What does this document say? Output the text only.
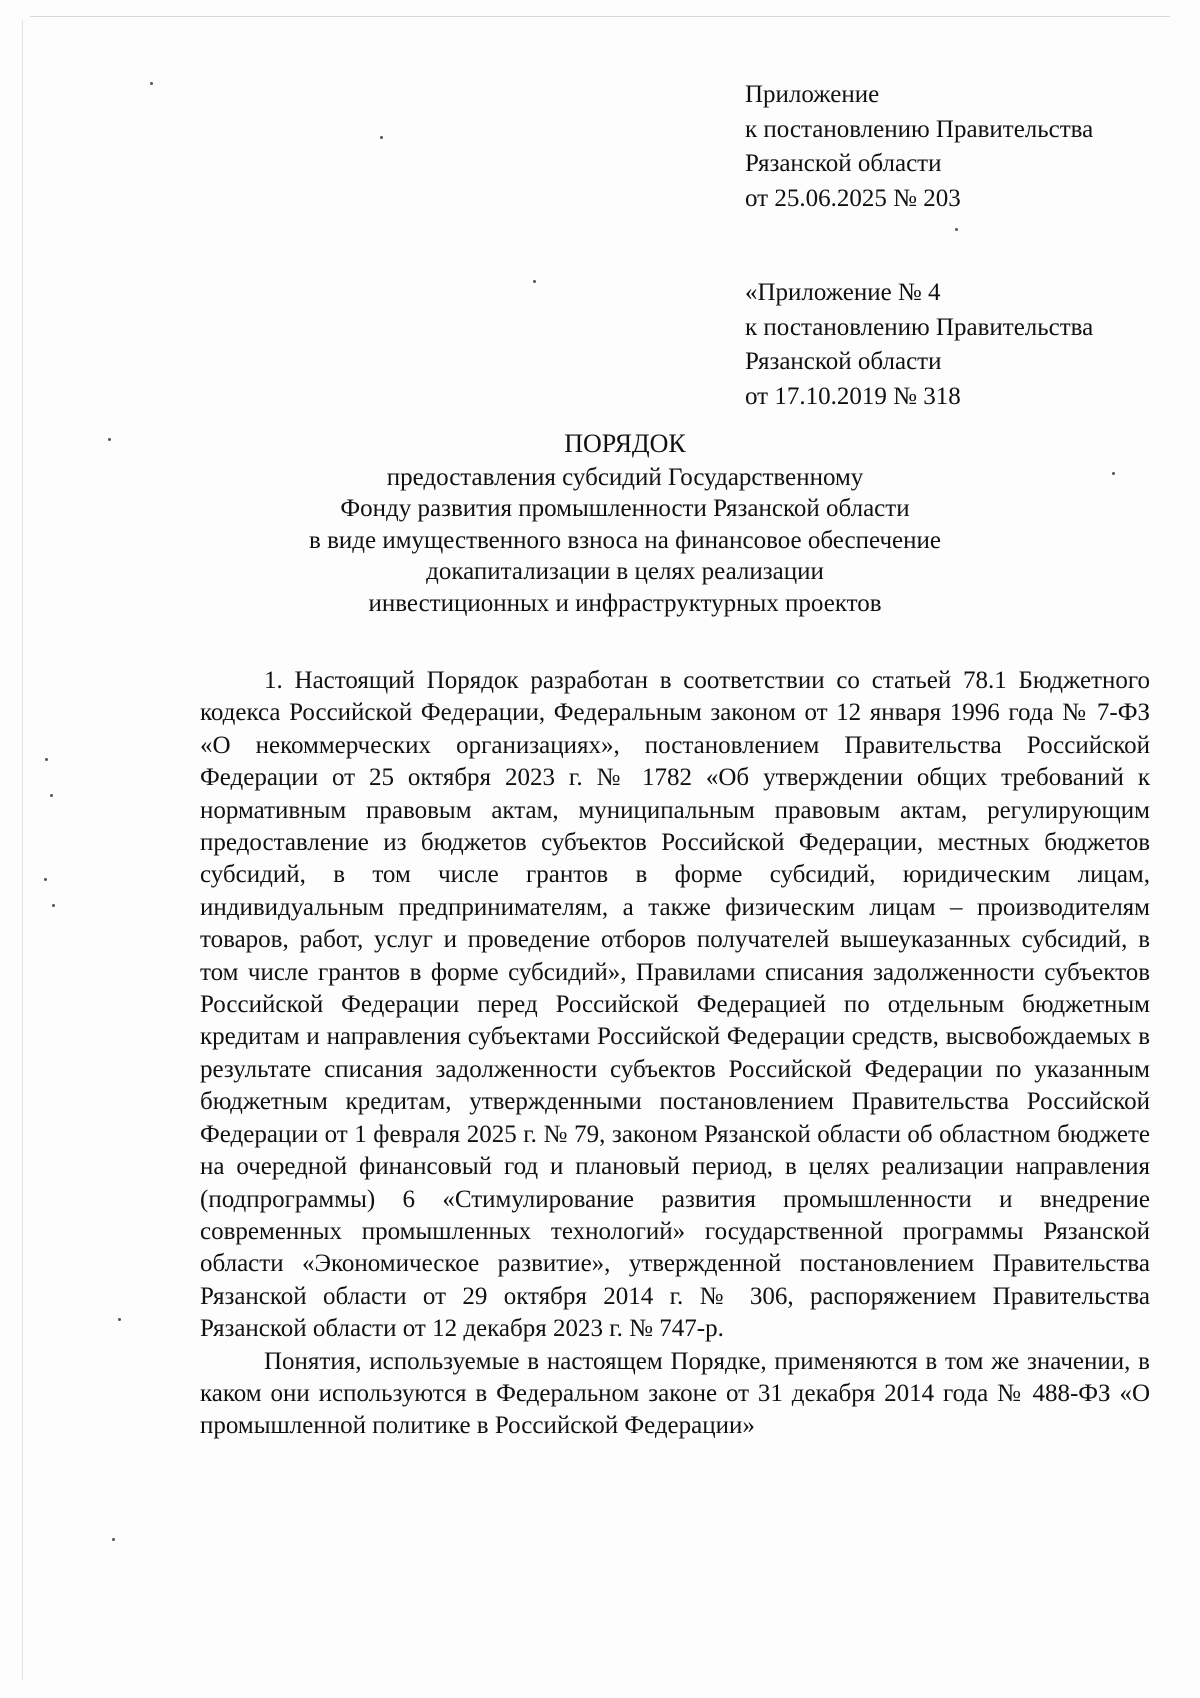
Приложение
к постановлению Правительства
Рязанской области
от 25.06.2025 № 203
«Приложение № 4
к постановлению Правительства
Рязанской области
от 17.10.2019 № 318
ПОРЯДОК
предоставления субсидий Государственному
Фонду развития промышленности Рязанской области
в виде имущественного взноса на финансовое обеспечение
докапитализации в целях реализации
инвестиционных и инфраструктурных проектов

1. Настоящий Порядок разработан в соответствии со статьей 78.1 Бюджетного кодекса Российской Федерации, Федеральным законом от 12 января 1996 года № 7-ФЗ «О некоммерческих организациях», постановлением Правительства Российской Федерации от 25 октября 2023 г. № 1782 «Об утверждении общих требований к нормативным правовым актам, муниципальным правовым актам, регулирующим предоставление из бюджетов субъектов Российской Федерации, местных бюджетов субсидий, в том числе грантов в форме субсидий, юридическим лицам, индивидуальным предпринимателям, а также физическим лицам – производителям товаров, работ, услуг и проведение отборов получателей вышеуказанных субсидий, в том числе грантов в форме субсидий», Правилами списания задолженности субъектов Российской Федерации перед Российской Федерацией по отдельным бюджетным кредитам и направления субъектами Российской Федерации средств, высвобождаемых в результате списания задолженности субъектов Российской Федерации по указанным бюджетным кредитам, утвержденными постановлением Правительства Российской Федерации от 1 февраля 2025 г. № 79, законом Рязанской области об областном бюджете на очередной финансовый год и плановый период, в целях реализации направления (подпрограммы) 6 «Стимулирование развития промышленности и внедрение современных промышленных технологий» государственной программы Рязанской области «Экономическое развитие», утвержденной постановлением Правительства Рязанской области от 29 октября 2014 г. № 306, распоряжением Правительства Рязанской области от 12 декабря 2023 г. № 747-р.

Понятия, используемые в настоящем Порядке, применяются в том же значении, в каком они используются в Федеральном законе от 31 декабря 2014 года № 488-ФЗ «О промышленной политике в Российской Федерации»
